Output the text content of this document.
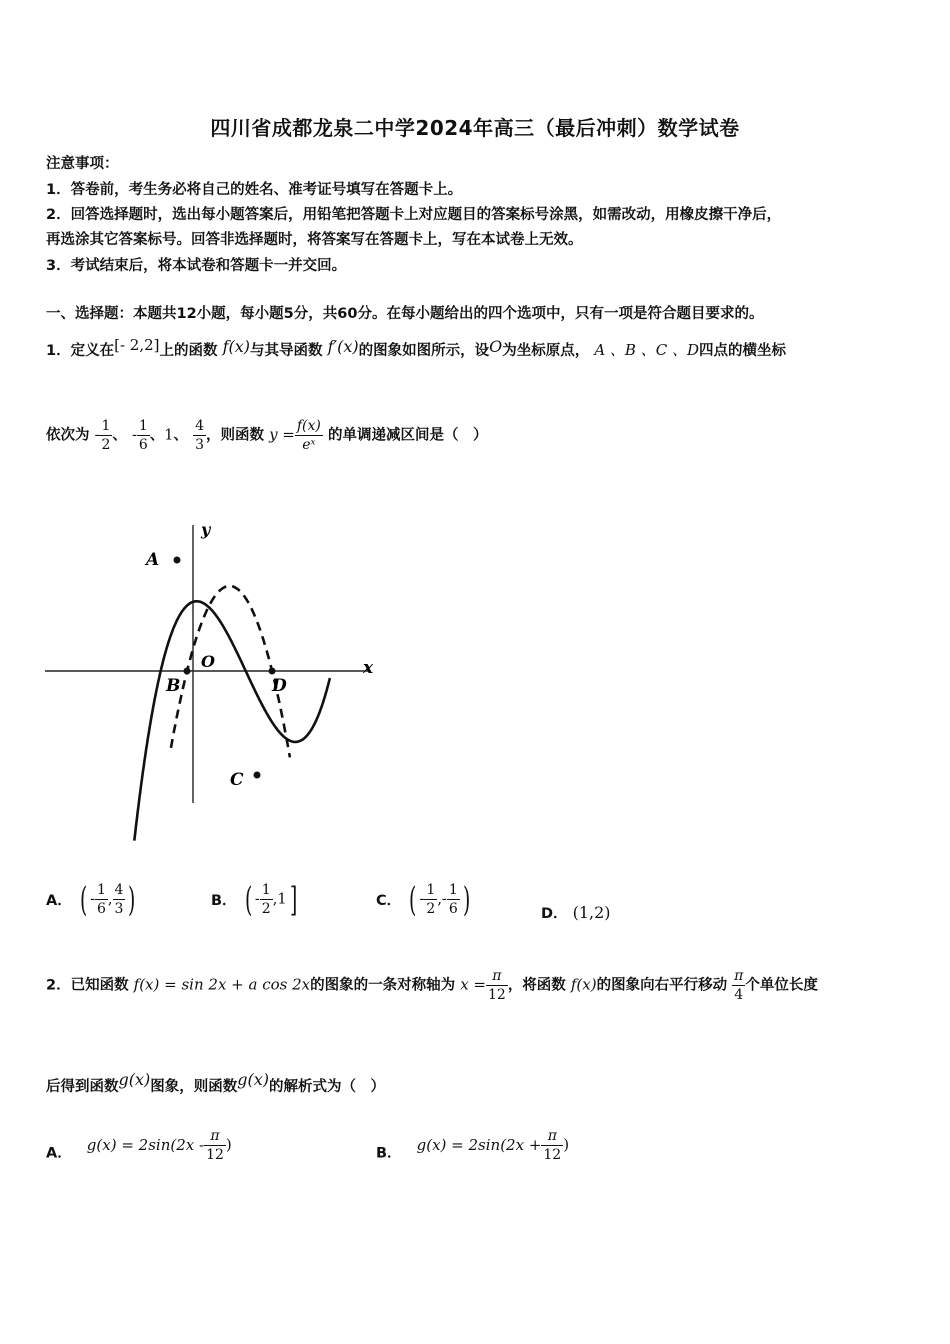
四川省成都龙泉二中学2024年高三（最后冲刺）数学试卷
注意事项：
1．答卷前，考生务必将自己的姓名、准考证号填写在答题卡上。
2．回答选择题时，选出每小题答案后，用铅笔把答题卡上对应题目的答案标号涂黑，如需改动，用橡皮擦干净后，
再选涂其它答案标号。回答非选择题时，将答案写在答题卡上，写在本试卷上无效。
3．考试结束后，将本试卷和答题卡一并交回。
一、选择题：本题共12小题，每小题5分，共60分。在每小题给出的四个选项中，只有一项是符合题目要求的。
1．定义在[- 2,2]上的函数 f(x)与其导函数 f′(x)的图象如图所示，设O为坐标原点， A 、B 、C 、D四点的横坐标
依次为 - $\frac{1}{2}$ 、 - $\frac{1}{6}$ 、1、 $\frac{4}{3}$ ，则函数 $y = \frac{f(x)}{\text{eˣ}}$ 的单调递减区间是（　）
A
B
C
D
O	x
y
A． ( - $\frac{1}{6}$ , $\frac{4}{3}$ )	B． ( - $\frac{1}{2} ,1$]	C． ( - $\frac{1}{2}$ ,- $\frac{1}{6}$ )	D． (1,2)
2．已知函数 f(x) = sin 2x + a cos 2x的图象的一条对称轴为 $x = \frac{\pi}{12}$ ，将函数 f(x)的图象向右平行移动 $\frac{\pi}{4}$ 个单位长度
后得到函数g(x)图象，则函数g(x)的解析式为（　）
A． $g(x) = 2\sin(2x - \frac{\pi}{12}$ )	B． $g(x) = 2\sin(2x + \frac{\pi}{12}$ )
